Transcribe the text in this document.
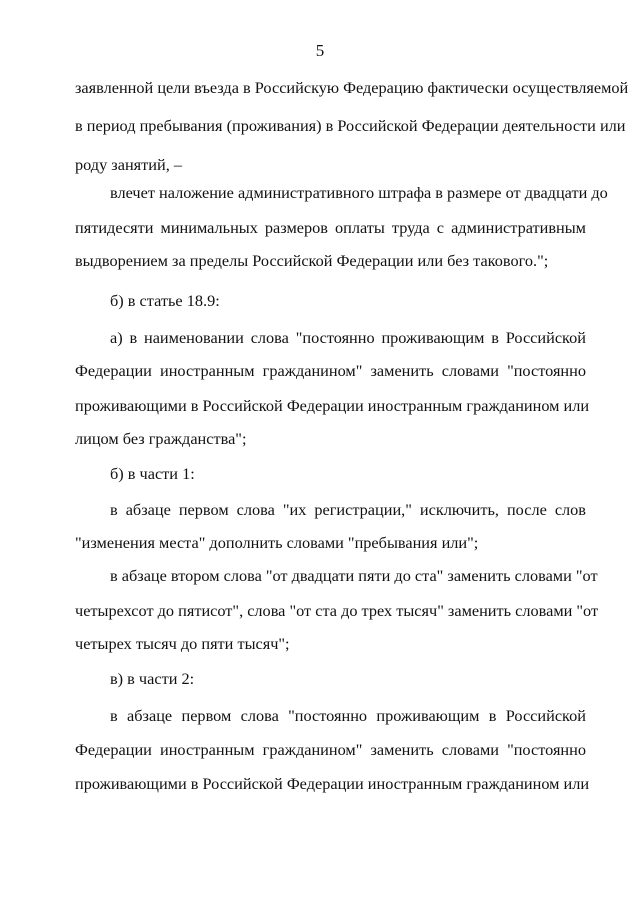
5
заявленной цели въезда в Российскую Федерацию фактически осуществляемой
в период пребывания (проживания) в Российской Федерации деятельности или
роду занятий, –
влечет наложение административного штрафа в размере от двадцати до
пятидесяти минимальных размеров оплаты труда с административным
выдворением за пределы Российской Федерации или без такового.";
б) в статье 18.9:
а) в наименовании слова "постоянно проживающим в Российской
Федерации иностранным гражданином" заменить словами "постоянно
проживающими в Российской Федерации иностранным гражданином или
лицом без гражданства";
б) в части 1:
в абзаце первом слова "их регистрации," исключить, после слов
"изменения места" дополнить словами "пребывания или";
в абзаце втором слова "от двадцати пяти до ста" заменить словами "от
четырехсот до пятисот", слова "от ста до трех тысяч" заменить словами "от
четырех тысяч до пяти тысяч";
в) в части 2:
в абзаце первом слова "постоянно проживающим в Российской
Федерации иностранным гражданином" заменить словами "постоянно
проживающими в Российской Федерации иностранным гражданином или
